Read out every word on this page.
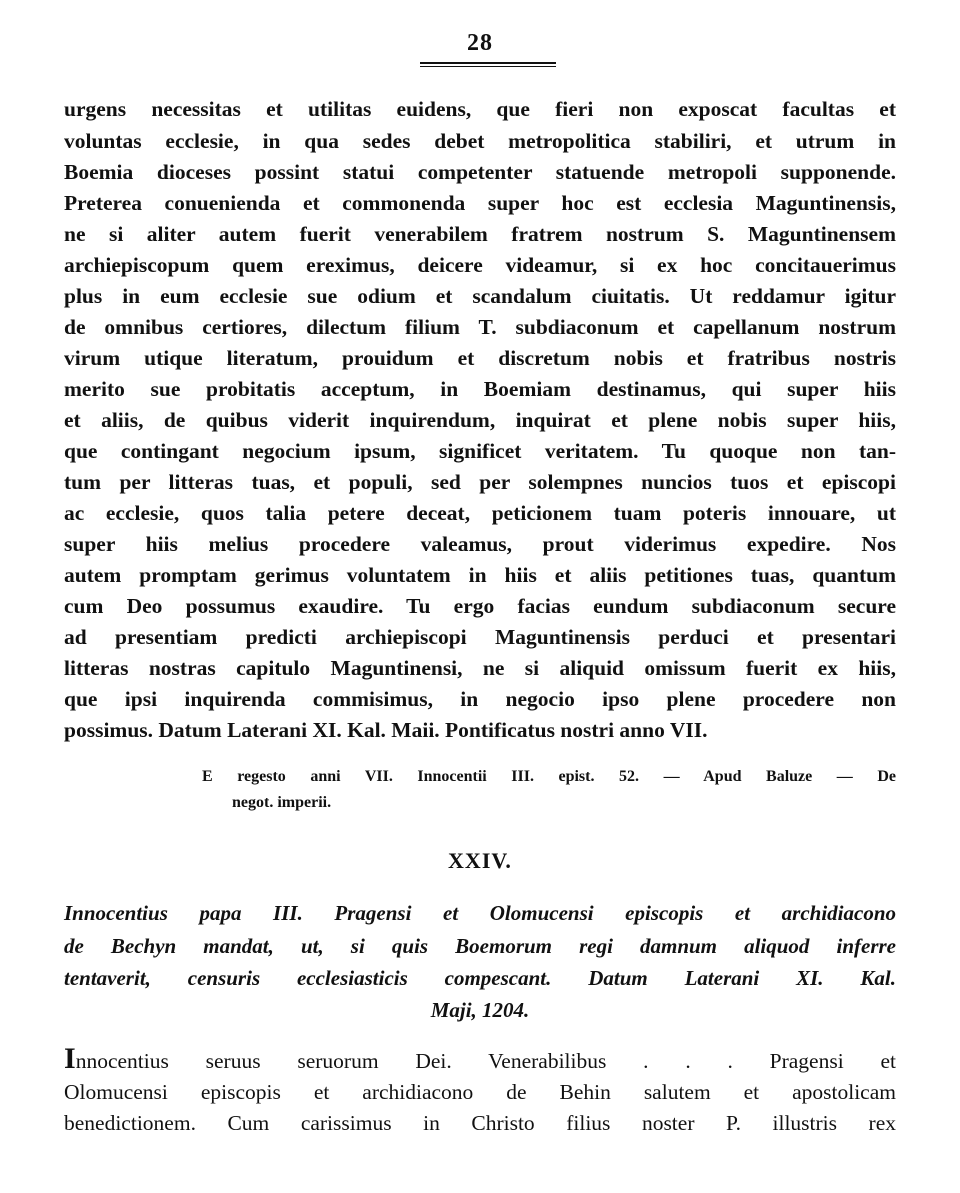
28
urgens necessitas et utilitas euidens, que fieri non exposcat facultas et
voluntas ecclesie, in qua sedes debet metropolitica stabiliri, et utrum in
Boemia dioceses possint statui competenter statuende metropoli supponende.
Preterea conuenienda et commonenda super hoc est ecclesia Maguntinensis,
ne si aliter autem fuerit venerabilem fratrem nostrum S. Maguntinensem
archiepiscopum quem ereximus, deicere videamur, si ex hoc concitauerimus
plus in eum ecclesie sue odium et scandalum ciuitatis. Ut reddamur igitur
de omnibus certiores, dilectum filium T. subdiaconum et capellanum nostrum
virum utique literatum, prouidum et discretum nobis et fratribus nostris
merito sue probitatis acceptum, in Boemiam destinamus, qui super hiis
et aliis, de quibus viderit inquirendum, inquirat et plene nobis super hiis,
que contingant negocium ipsum, significet veritatem. Tu quoque non tan-
tum per litteras tuas, et populi, sed per solempnes nuncios tuos et episcopi
ac ecclesie, quos talia petere deceat, peticionem tuam poteris innouare, ut
super hiis melius procedere valeamus, prout viderimus expedire. Nos
autem promptam gerimus voluntatem in hiis et aliis petitiones tuas, quantum
cum Deo possumus exaudire. Tu ergo facias eundum subdiaconum secure
ad presentiam predicti archiepiscopi Maguntinensis perduci et presentari
litteras nostras capitulo Maguntinensi, ne si aliquid omissum fuerit ex hiis,
que ipsi inquirenda commisimus, in negocio ipso plene procedere non
possimus. Datum Laterani XI. Kal. Maii. Pontificatus nostri anno VII.
E regesto anni VII. Innocentii III. epist. 52. — Apud Baluze — De
negot. imperii.
XXIV.
Innocentius papa III. Pragensi et Olomucensi episcopis et archidiacono
de Bechyn mandat, ut, si quis Boemorum regi damnum aliquod inferre
tentaverit, censuris ecclesiasticis compescant. Datum Laterani XI. Kal.
Maji, 1204.
Innocentius seruus seruorum Dei. Venerabilibus . . . Pragensi et
Olomucensi episcopis et archidiacono de Behin salutem et apostolicam
benedictionem. Cum carissimus in Christo filius noster P. illustris rex
